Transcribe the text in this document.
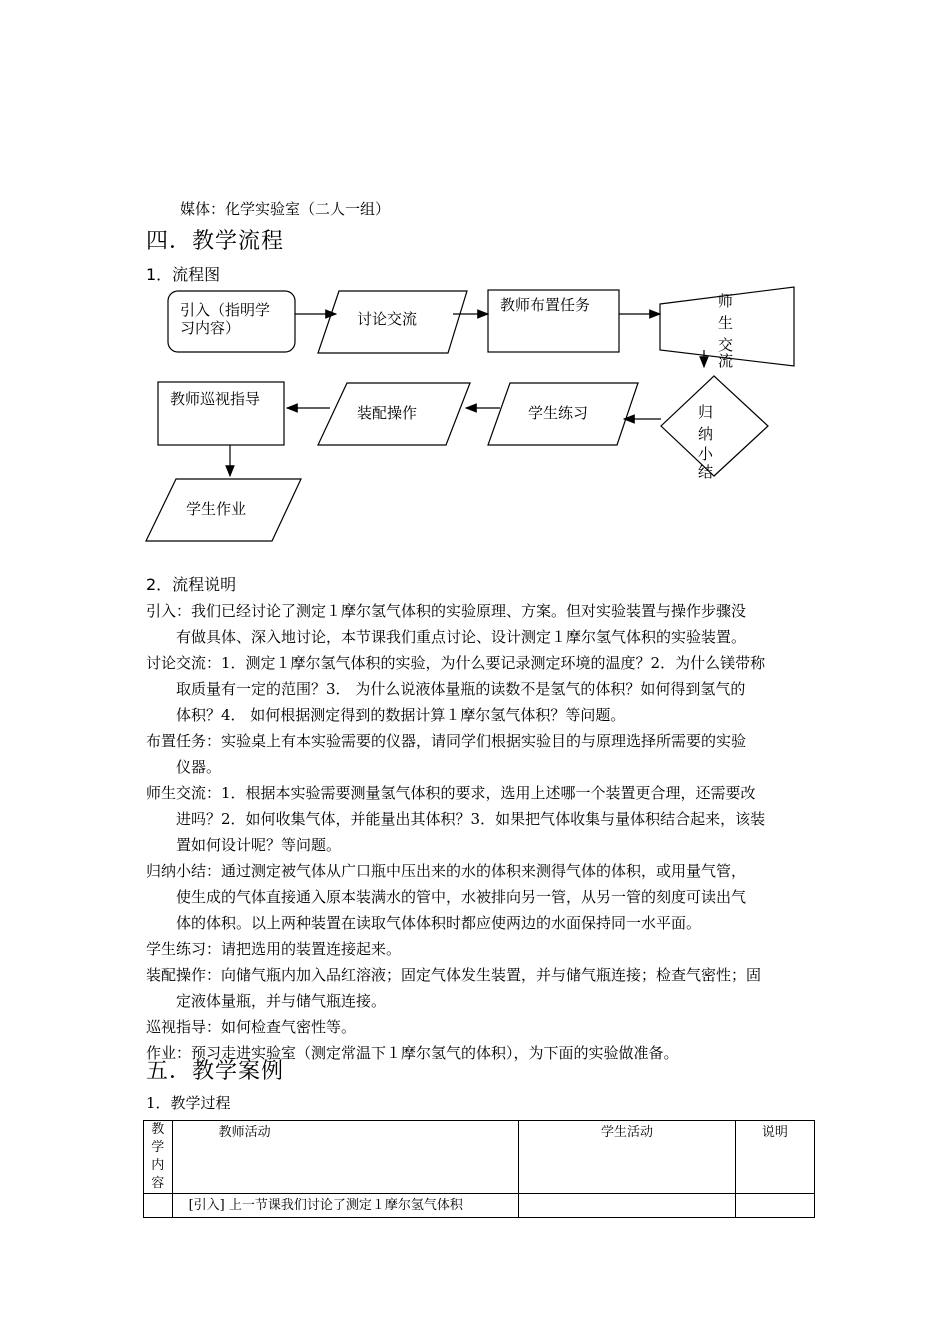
媒体：化学实验室（二人一组）
四．教学流程
1．流程图
引入（指明学
习内容）	讨论交流
教师布置任务	师
生
交
流
归
纳
小
结
学生练习
装配操作
教师巡视指导
学生作业
2．流程说明
引入：我们已经讨论了测定１摩尔氢气体积的实验原理、方案。但对实验装置与操作步骤没
有做具体、深入地讨论，本节课我们重点讨论、设计测定１摩尔氢气体积的实验装置。
讨论交流：1．测定１摩尔氢气体积的实验，为什么要记录测定环境的温度？2．为什么镁带称
取质量有一定的范围？3． 为什么说液体量瓶的读数不是氢气的体积？如何得到氢气的
体积？4． 如何根据测定得到的数据计算１摩尔氢气体积？等问题。
布置任务：实验桌上有本实验需要的仪器，请同学们根据实验目的与原理选择所需要的实验
仪器。
师生交流：1．根据本实验需要测量氢气体积的要求，选用上述哪一个装置更合理，还需要改
进吗？2．如何收集气体，并能量出其体积？3．如果把气体收集与量体积结合起来，该装
置如何设计呢？等问题。
归纳小结：通过测定被气体从广口瓶中压出来的水的体积来测得气体的体积，或用量气管，
使生成的气体直接通入原本装满水的管中，水被排向另一管，从另一管的刻度可读出气
体的体积。以上两种装置在读取气体体积时都应使两边的水面保持同一水平面。
学生练习：请把选用的装置连接起来。
装配操作：向储气瓶内加入品红溶液；固定气体发生装置，并与储气瓶连接；检查气密性；固
定液体量瓶，并与储气瓶连接。
巡视指导：如何检查气密性等。
作业：预习走进实验室（测定常温下１摩尔氢气的体积），为下面的实验做准备。
五．教学案例
1．教学过程
教
学
内
容	教师活动	学生活动	说明
	[引入] 上一节课我们讨论了测定１摩尔氢气体积		
